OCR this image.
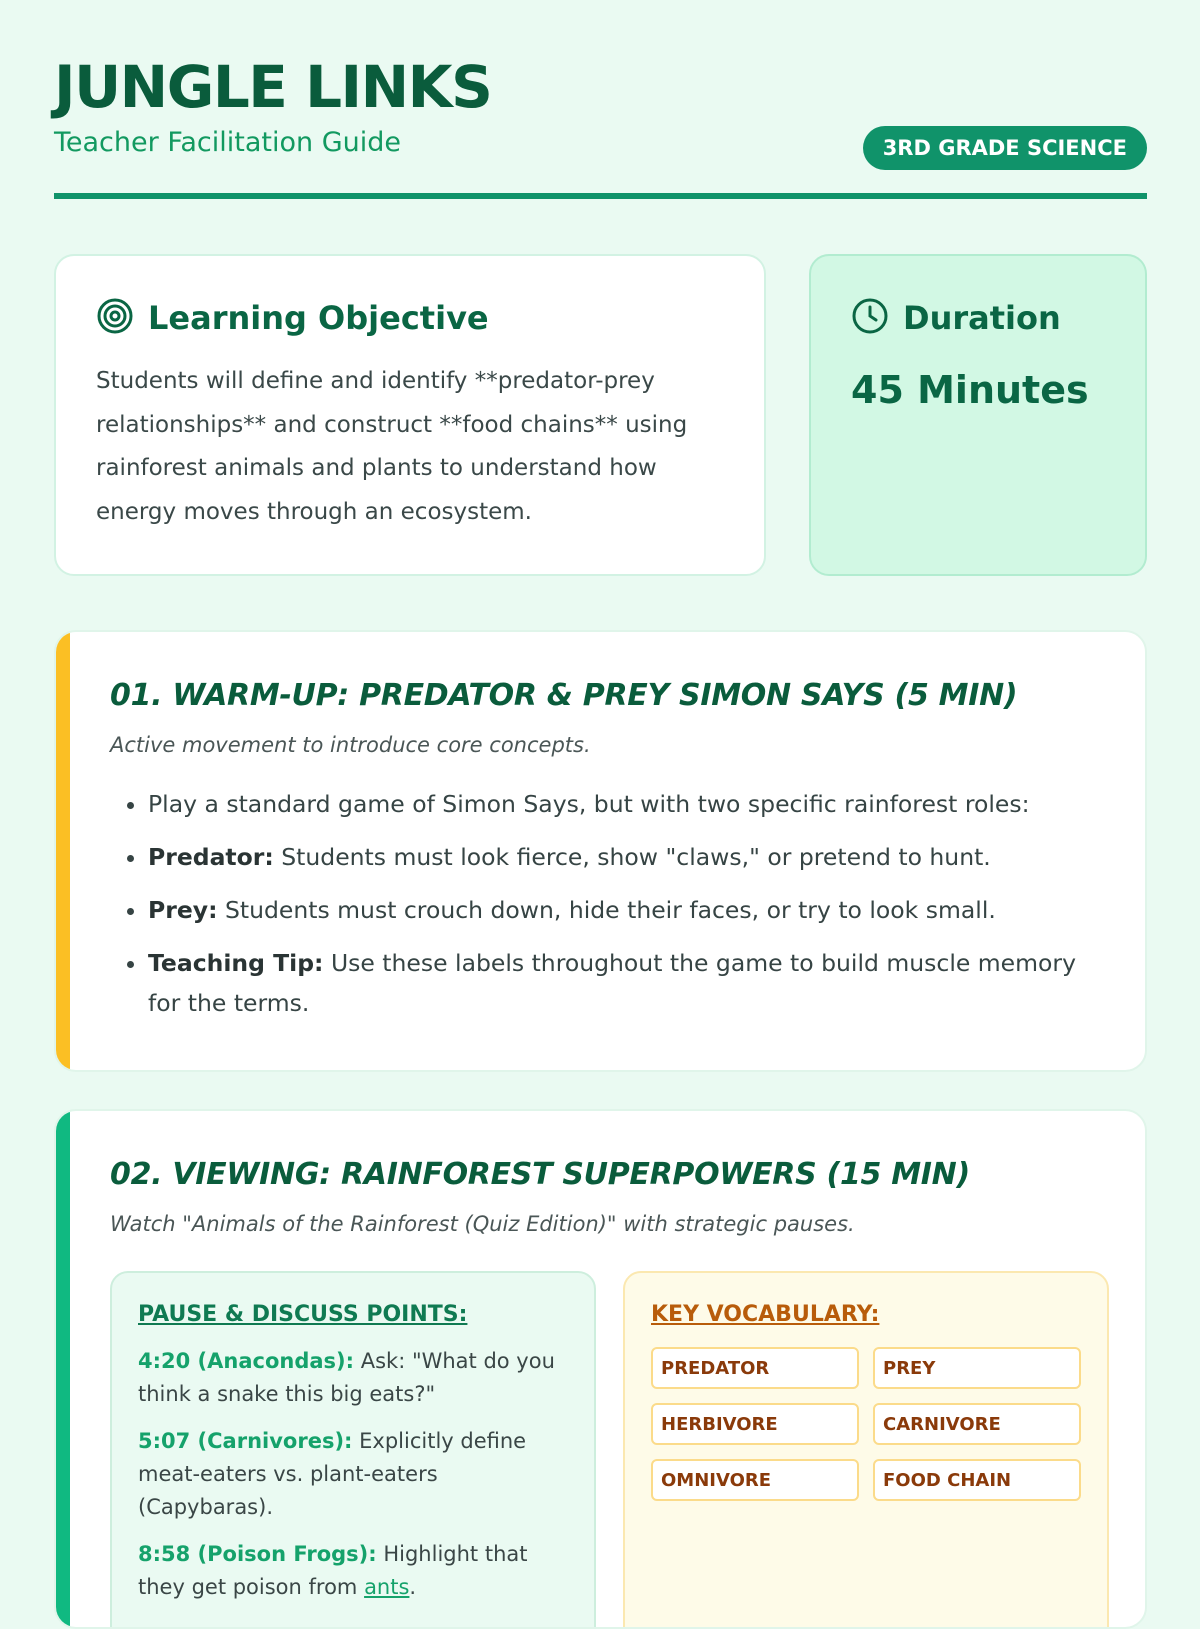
JUNGLE LINKS
Teacher Facilitation Guide	3RD GRADE SCIENCE
Learning Objective
Students will define and identify **predator-prey relationships** and construct **food chains** using rainforest animals and plants to understand how energy moves through an ecosystem.
Duration
45 Minutes
01. WARM-UP: PREDATOR & PREY SIMON SAYS (5 MIN)
Active movement to introduce core concepts.
• Play a standard game of Simon Says, but with two specific rainforest roles:
• Predator: Students must look fierce, show "claws," or pretend to hunt.
• Prey: Students must crouch down, hide their faces, or try to look small.
• Teaching Tip: Use these labels throughout the game to build muscle memory for the terms.
02. VIEWING: RAINFOREST SUPERPOWERS (15 MIN)
Watch "Animals of the Rainforest (Quiz Edition)" with strategic pauses.
PAUSE & DISCUSS POINTS:
4:20 (Anacondas): Ask: "What do you think a snake this big eats?"
5:07 (Carnivores): Explicitly define meat-eaters vs. plant-eaters (Capybaras).
8:58 (Poison Frogs): Highlight that they get poison from ants.
KEY VOCABULARY:
PREDATOR	PREY
HERBIVORE	CARNIVORE
OMNIVORE	FOOD CHAIN
